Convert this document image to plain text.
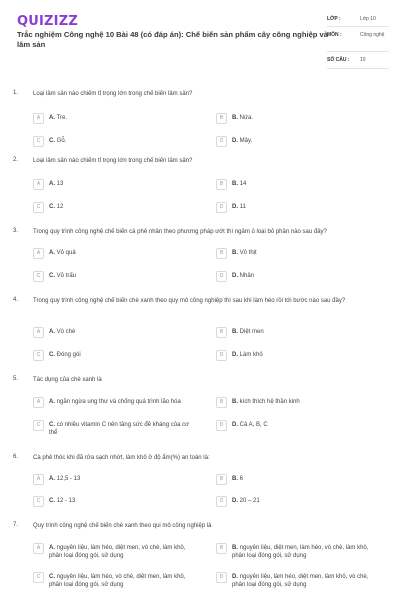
QUIZIZZ
Trắc nghiệm Công nghệ 10 Bài 48 (có đáp án): Chế biến sản phẩm cây công nghiệp và lâm sản
LỚP :	Lớp 10
MÔN :	Công nghệ
SỐ CÂU : 10
1. Loại lâm sản nào chiếm tỉ trọng lớn trong chế biến lâm sản?
A	A. Tre.	B	B. Nứa.
C	C. Gỗ.	D	D. Mây.
2. Loại lâm sản nào chiếm tỉ trọng lớn trong chế biến lâm sản?
A	A. 13	B	B. 14
C	C. 12	D	D. 11
3. Trong quy trình công nghệ chế biến cà phê nhân theo phương pháp ướt thì ngâm ủ loại bỏ phần nào sau đây?
A	A. Vỏ quả	B	B. Vỏ thịt
C	C. Vỏ trấu	D	D. Nhân
4. Trong quy trình công nghệ chế biến chè xanh theo quy mô công nghiệp thì sau khi làm héo rồi tới bước nào sau đây?
A	A. Vò chè	B	B. Diệt men
C	C. Đóng gói	D	D. Làm khô
5. Tác dụng của chè xanh là
A	A. ngăn ngừa ung thư và chống quá trình lão hóa	B	B. kích thích hệ thần kinh
C	C. có nhiều vitamin C nên tăng sức đề kháng của cơ thể
D	D. Cả A, B, C
6. Cà phê thóc khi đã rửa sạch nhớt, làm khô ở độ ẩm(%) an toàn là:
A	A. 12,5 - 13	B	B. 6
C	C. 12 - 13	D	D. 20 – 21
7. Quy trình công nghệ chế biến chè xanh theo qui mô công nghiệp là
A	A. nguyên liệu, làm héo, diệt men, vò chè, làm khô, phân loại đóng gói, sử dụng
B	B. nguyên liệu, diệt men, làm héo, vò chè, làm khô, phân loại đóng gói, sử dụng
C	C. nguyên liệu, làm héo, vò chè, diệt men, làm khô, phân loại đóng gói, sử dụng
D	D. nguyên liệu, làm héo, diệt men, làm khô, vò chè, phân loại đóng gói, sử dụng
